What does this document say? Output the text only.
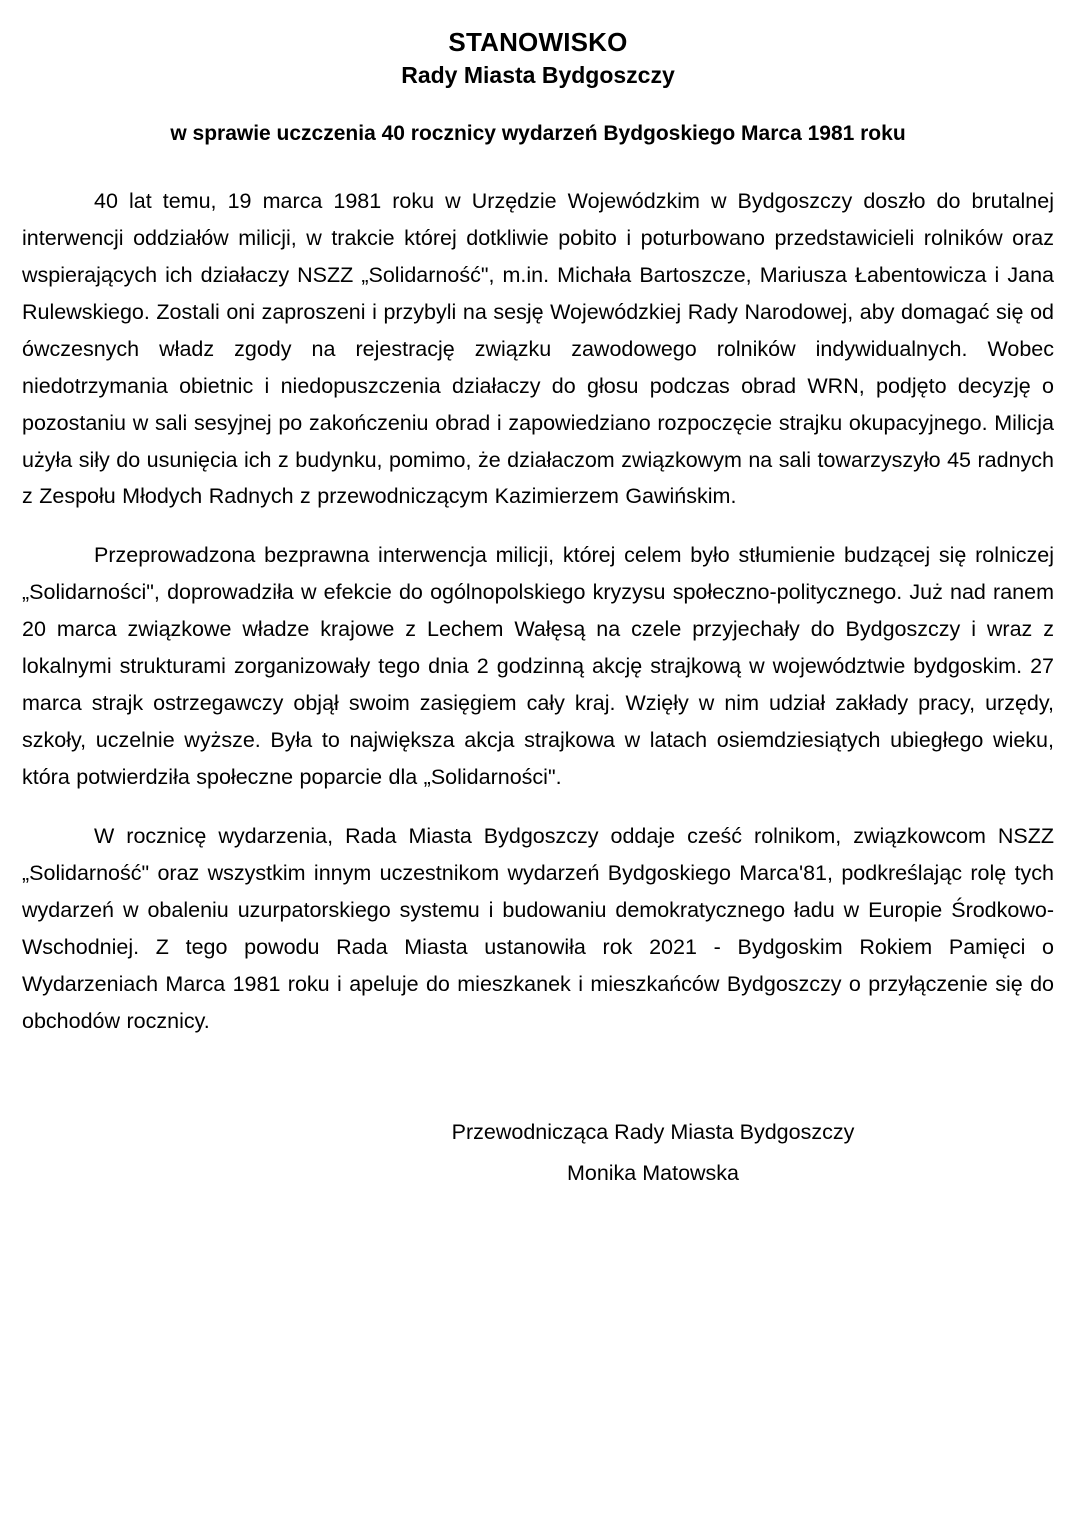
STANOWISKO
Rady Miasta Bydgoszczy
w sprawie uczczenia 40 rocznicy wydarzeń Bydgoskiego Marca 1981 roku

40 lat temu, 19 marca 1981 roku w Urzędzie Wojewódzkim w Bydgoszczy doszło do brutalnej interwencji oddziałów milicji, w trakcie której dotkliwie pobito i poturbowano przedstawicieli rolników oraz wspierających ich działaczy NSZZ „Solidarność", m.in. Michała Bartoszcze, Mariusza Łabentowicza i Jana Rulewskiego. Zostali oni zaproszeni i przybyli na sesję Wojewódzkiej Rady Narodowej, aby domagać się od ówczesnych władz zgody na rejestrację związku zawodowego rolników indywidualnych. Wobec niedotrzymania obietnic i niedopuszczenia działaczy do głosu podczas obrad WRN, podjęto decyzję o pozostaniu w sali sesyjnej po zakończeniu obrad i zapowiedziano rozpoczęcie strajku okupacyjnego. Milicja użyła siły do usunięcia ich z budynku, pomimo, że działaczom związkowym na sali towarzyszyło 45 radnych z Zespołu Młodych Radnych z przewodniczącym Kazimierzem Gawińskim.

Przeprowadzona bezprawna interwencja milicji, której celem było stłumienie budzącej się rolniczej „Solidarności", doprowadziła w efekcie do ogólnopolskiego kryzysu społeczno-politycznego. Już nad ranem 20 marca związkowe władze krajowe z Lechem Wałęsą na czele przyjechały do Bydgoszczy i wraz z lokalnymi strukturami zorganizowały tego dnia 2 godzinną akcję strajkową w województwie bydgoskim. 27 marca strajk ostrzegawczy objął swoim zasięgiem cały kraj. Wzięły w nim udział zakłady pracy, urzędy, szkoły, uczelnie wyższe. Była to największa akcja strajkowa w latach osiemdziesiątych ubiegłego wieku, która potwierdziła społeczne poparcie dla „Solidarności".

W rocznicę wydarzenia, Rada Miasta Bydgoszczy oddaje cześć rolnikom, związkowcom NSZZ „Solidarność" oraz wszystkim innym uczestnikom wydarzeń Bydgoskiego Marca'81, podkreślając rolę tych wydarzeń w obaleniu uzurpatorskiego systemu i budowaniu demokratycznego ładu w Europie Środkowo-Wschodniej. Z tego powodu Rada Miasta ustanowiła rok 2021 - Bydgoskim Rokiem Pamięci o Wydarzeniach Marca 1981 roku i apeluje do mieszkanek i mieszkańców Bydgoszczy o przyłączenie się do obchodów rocznicy.

Przewodnicząca Rady Miasta Bydgoszczy
Monika Matowska
